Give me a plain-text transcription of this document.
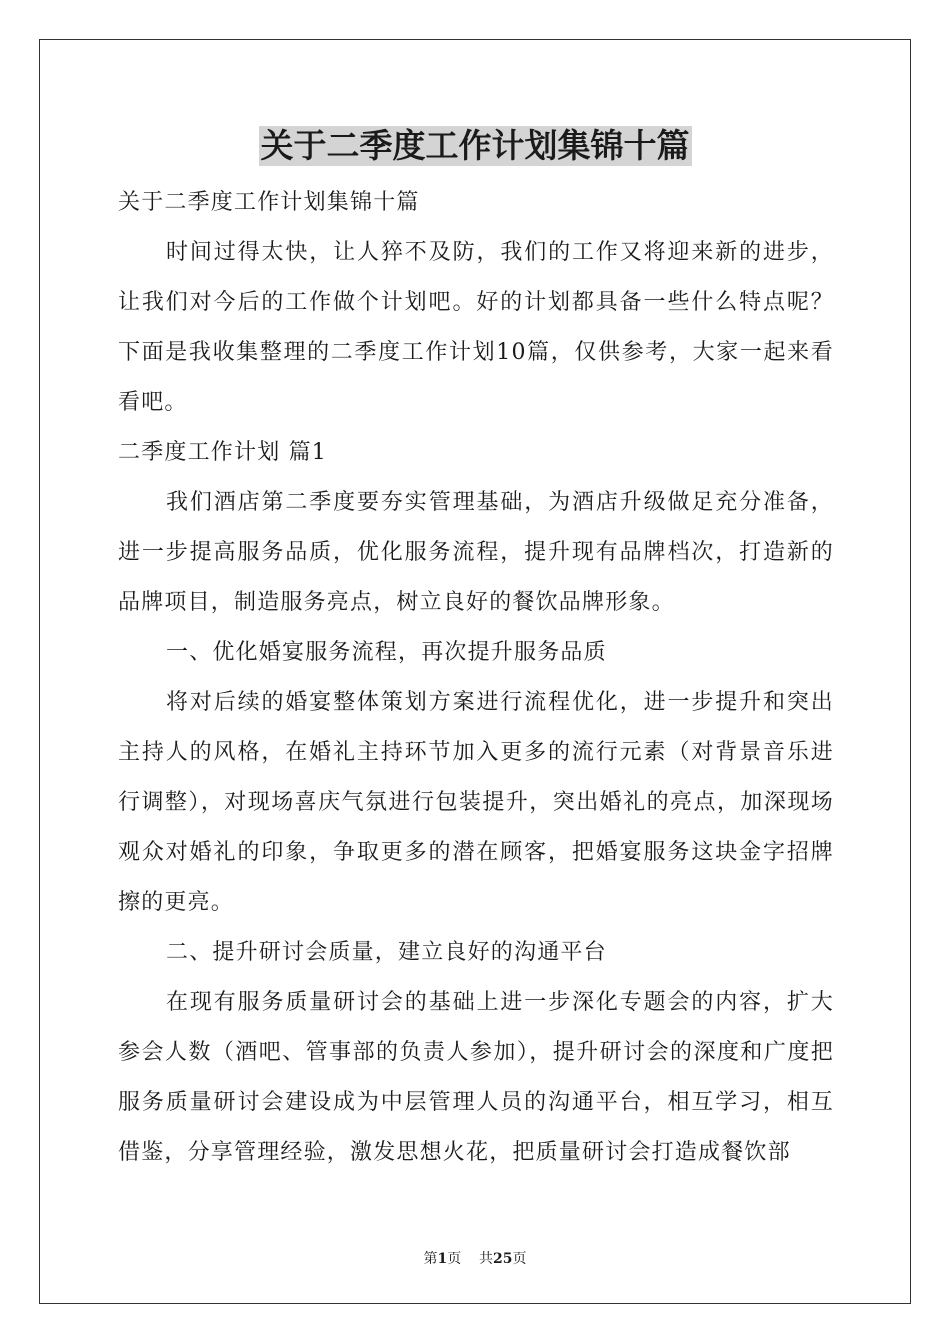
关于二季度工作计划集锦十篇

关于二季度工作计划集锦十篇

时间过得太快，让人猝不及防，我们的工作又将迎来新的进步，让我们对今后的工作做个计划吧。好的计划都具备一些什么特点呢？下面是我收集整理的二季度工作计划10篇，仅供参考，大家一起来看看吧。

二季度工作计划 篇1

我们酒店第二季度要夯实管理基础，为酒店升级做足充分准备，进一步提高服务品质，优化服务流程，提升现有品牌档次，打造新的品牌项目，制造服务亮点，树立良好的餐饮品牌形象。

一、优化婚宴服务流程，再次提升服务品质

将对后续的婚宴整体策划方案进行流程优化，进一步提升和突出主持人的风格，在婚礼主持环节加入更多的流行元素（对背景音乐进行调整），对现场喜庆气氛进行包装提升，突出婚礼的亮点，加深现场观众对婚礼的印象，争取更多的潜在顾客，把婚宴服务这块金字招牌擦的更亮。

二、提升研讨会质量，建立良好的沟通平台

在现有服务质量研讨会的基础上进一步深化专题会的内容，扩大参会人数（酒吧、管事部的负责人参加），提升研讨会的深度和广度把服务质量研讨会建设成为中层管理人员的沟通平台，相互学习，相互借鉴，分享管理经验，激发思想火花，把质量研讨会打造成餐饮部

第1页 共25页
